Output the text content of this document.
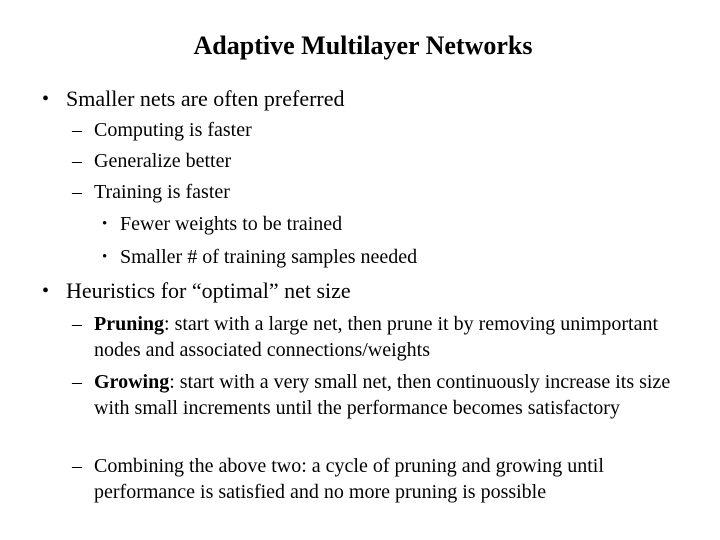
Adaptive Multilayer Networks
• Smaller nets are often preferred
– Computing is faster
– Generalize better
– Training is faster
• Fewer weights to be trained
• Smaller # of training samples needed
• Heuristics for “optimal” net size
– Pruning: start with a large net, then prune it by removing unimportant nodes and associated connections/weights
– Growing: start with a very small net, then continuously increase its size with small increments until the performance becomes satisfactory
– Combining the above two: a cycle of pruning and growing until performance is satisfied and no more pruning is possible
